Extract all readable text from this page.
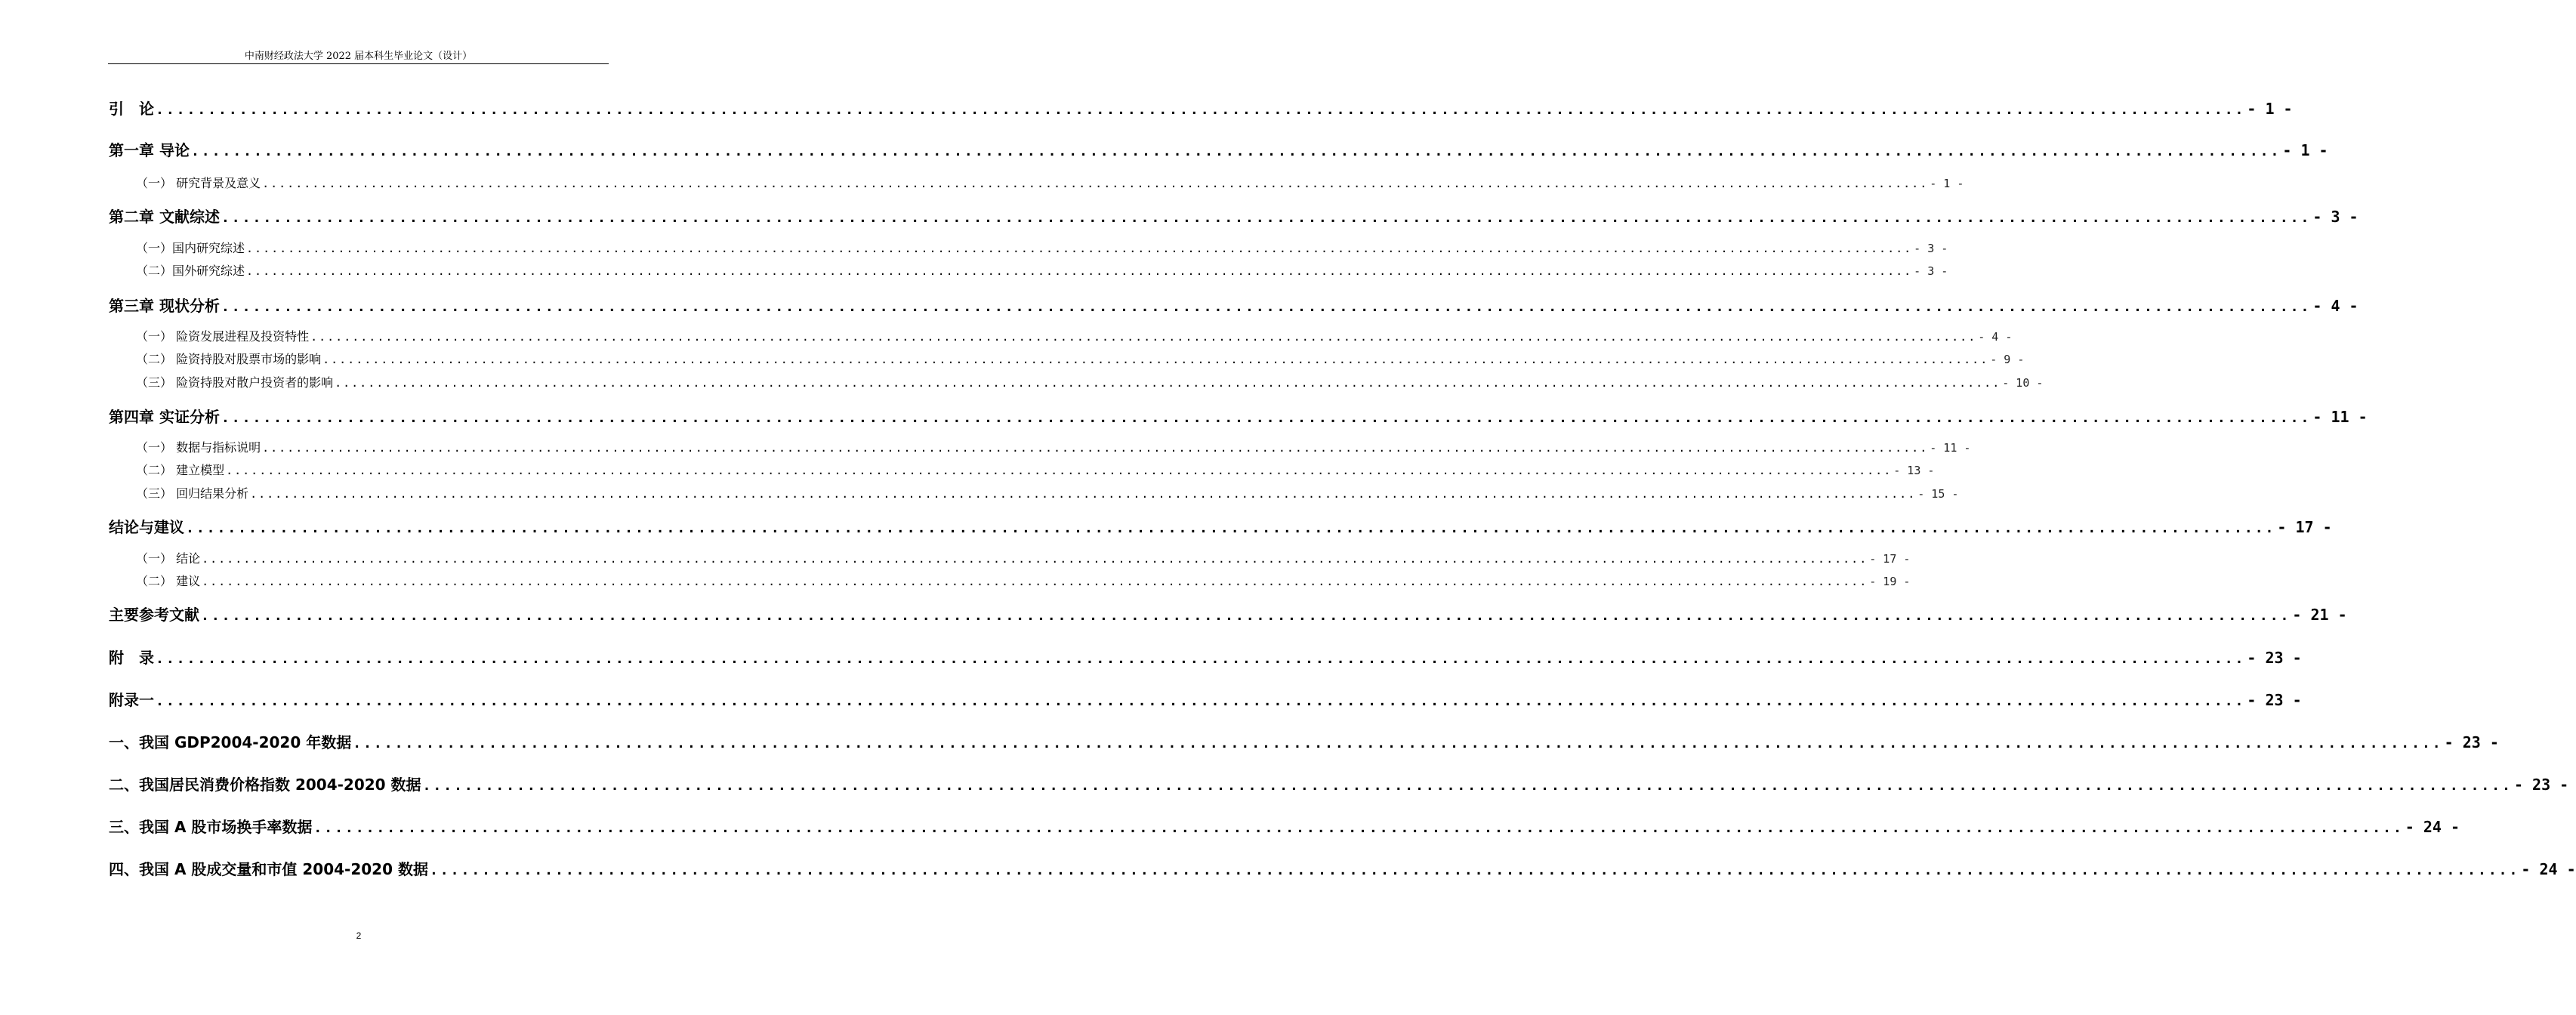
中南财经政法大学 2022 届本科生毕业论文（设计）
引　论 ........................................................................................................................................................................................................ - 1 -
第一章 导论 ........................................................................................................................................................................................................ - 1 -
（一） 研究背景及意义 ........................................................................................................................................................................................................ - 1 -
第二章 文献综述 ........................................................................................................................................................................................................ - 3 -
（一）国内研究综述 ........................................................................................................................................................................................................ - 3 -
（二）国外研究综述 ........................................................................................................................................................................................................ - 3 -
第三章 现状分析 ........................................................................................................................................................................................................ - 4 -
（一） 险资发展进程及投资特性 ........................................................................................................................................................................................................ - 4 -
（二） 险资持股对股票市场的影响 ........................................................................................................................................................................................................ - 9 -
（三） 险资持股对散户投资者的影响 ........................................................................................................................................................................................................ - 10 -
第四章 实证分析 ........................................................................................................................................................................................................ - 11 -
（一） 数据与指标说明 ........................................................................................................................................................................................................ - 11 -
（二） 建立模型 ........................................................................................................................................................................................................ - 13 -
（三） 回归结果分析 ........................................................................................................................................................................................................ - 15 -
结论与建议 ........................................................................................................................................................................................................ - 17 -
（一） 结论 ........................................................................................................................................................................................................ - 17 -
（二） 建议 ........................................................................................................................................................................................................ - 19 -
主要参考文献 ........................................................................................................................................................................................................ - 21 -
附　录 ........................................................................................................................................................................................................ - 23 -
附录一 ........................................................................................................................................................................................................ - 23 -
一、我国 GDP2004-2020 年数据 ........................................................................................................................................................................................................ - 23 -
二、我国居民消费价格指数 2004-2020 数据 ........................................................................................................................................................................................................ - 23 -
三、我国 A 股市场换手率数据 ........................................................................................................................................................................................................ - 24 -
四、我国 A 股成交量和市值 2004-2020 数据 ........................................................................................................................................................................................................ - 24 -
2
